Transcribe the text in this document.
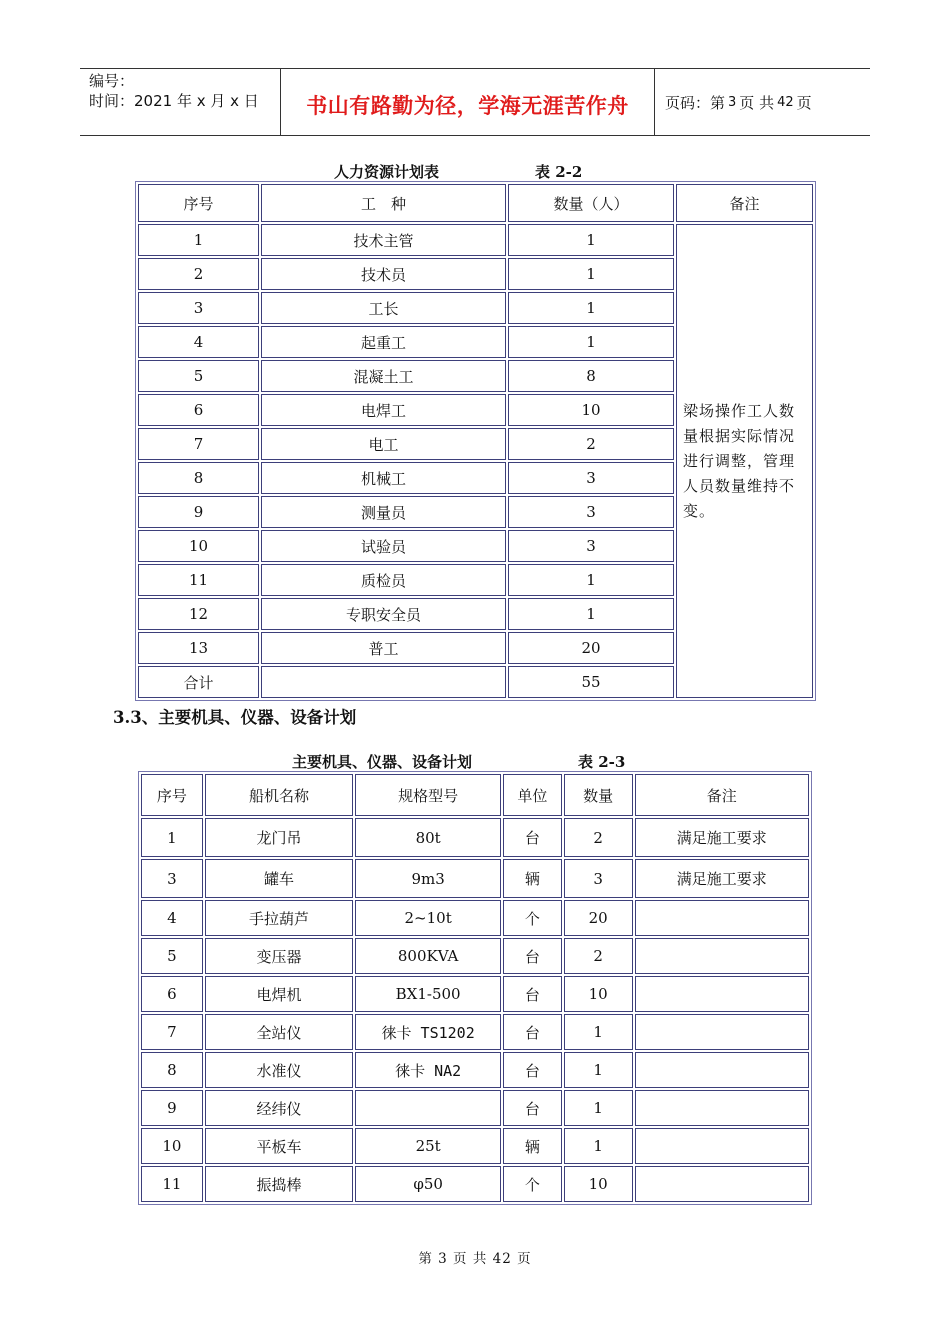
编号：
时间：2021 年 x 月 x 日	书山有路勤为径，学海无涯苦作舟	页码：第 3 页 共 42 页
人力资源计划表	表 2-2
序号	工　种	数量（人）	备注
1	技术主管	1	梁场操作工人数量根据实际情况进行调整，管理人员数量维持不变。
2	技术员	1	
3	工长	1	
4	起重工	1	
5	混凝土工	8	
6	电焊工	10	
7	电工	2	
8	机械工	3	
9	测量员	3	
10	试验员	3	
11	质检员	1	
12	专职安全员	1	
13	普工	20	
合计		55	
3.3、主要机具、仪器、设备计划
主要机具、仪器、设备计划	表 2-3
序号	船机名称	规格型号	单位	数量	备注
1	龙门吊	80t	台	2	满足施工要求
3	罐车	9m3	辆	3	满足施工要求
4	手拉葫芦	2~10t	个	20	
5	变压器	800KVA	台	2	
6	电焊机	BX1-500	台	10	
7	全站仪	徕卡 TS1202	台	1	
8	水准仪	徕卡 NA2	台	1	
9	经纬仪		台	1	
10	平板车	25t	辆	1	
11	振捣棒	φ50	个	10	
第 3 页 共 42 页
